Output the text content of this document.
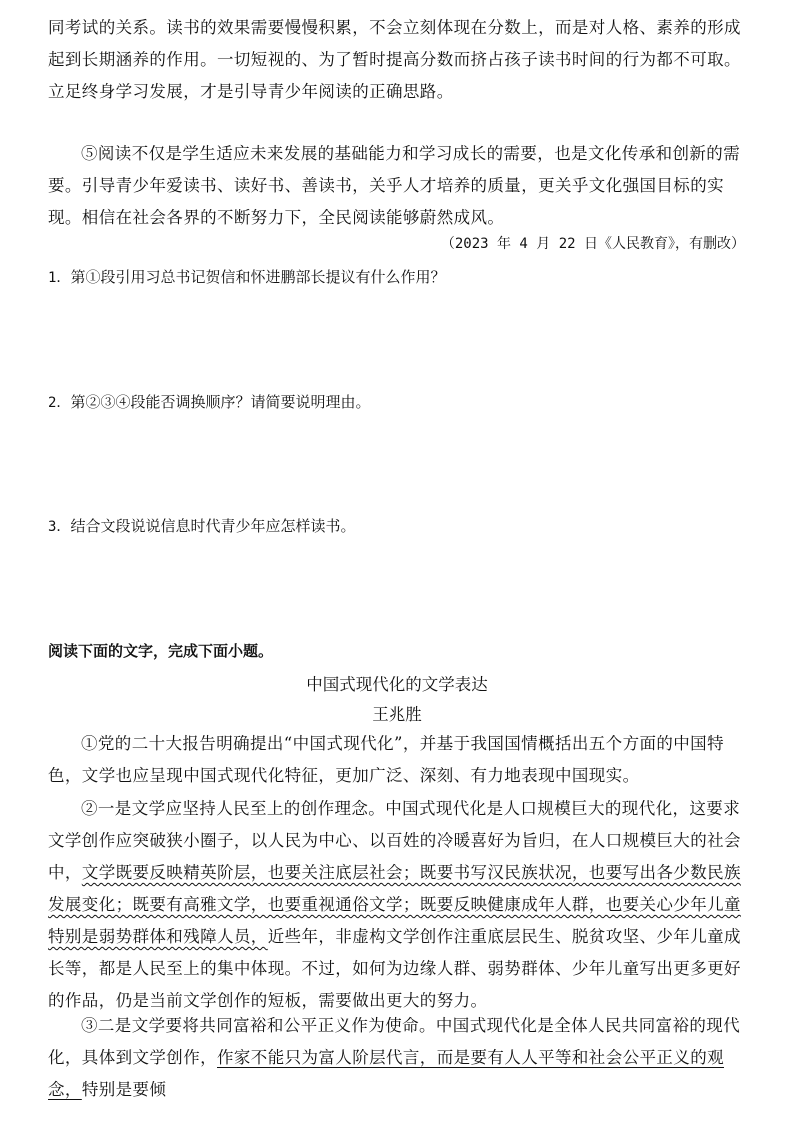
同考试的关系。读书的效果需要慢慢积累，不会立刻体现在分数上，而是对人格、素养的形成起到长期涵养的作用。一切短视的、为了暂时提高分数而挤占孩子读书时间的行为都不可取。立足终身学习发展，才是引导青少年阅读的正确思路。
⑤阅读不仅是学生适应未来发展的基础能力和学习成长的需要，也是文化传承和创新的需要。引导青少年爱读书、读好书、善读书，关乎人才培养的质量，更关乎文化强国目标的实现。相信在社会各界的不断努力下，全民阅读能够蔚然成风。
（2023 年 4 月 22 日《人民教育》，有删改）
1．第①段引用习总书记贺信和怀进鹏部长提议有什么作用？
2．第②③④段能否调换顺序？请简要说明理由。
3．结合文段说说信息时代青少年应怎样读书。
阅读下面的文字，完成下面小题。
中国式现代化的文学表达
王兆胜
①党的二十大报告明确提出“中国式现代化”，并基于我国国情概括出五个方面的中国特色，文学也应呈现中国式现代化特征，更加广泛、深刻、有力地表现中国现实。
②一是文学应坚持人民至上的创作理念。中国式现代化是人口规模巨大的现代化，这要求文学创作应突破狭小圈子，以人民为中心、以百姓的冷暖喜好为旨归，在人口规模巨大的社会中，文学既要反映精英阶层，也要关注底层社会；既要书写汉民族状况，也要写出各少数民族发展变化；既要有高雅文学，也要重视通俗文学；既要反映健康成年人群，也要关心少年儿童特别是弱势群体和残障人员，近些年，非虚构文学创作注重底层民生、脱贫攻坚、少年儿童成长等，都是人民至上的集中体现。不过，如何为边缘人群、弱势群体、少年儿童写出更多更好的作品，仍是当前文学创作的短板，需要做出更大的努力。
③二是文学要将共同富裕和公平正义作为使命。中国式现代化是全体人民共同富裕的现代化，具体到文学创作，作家不能只为富人阶层代言，而是要有人人平等和社会公平正义的观念，特别是要倾
